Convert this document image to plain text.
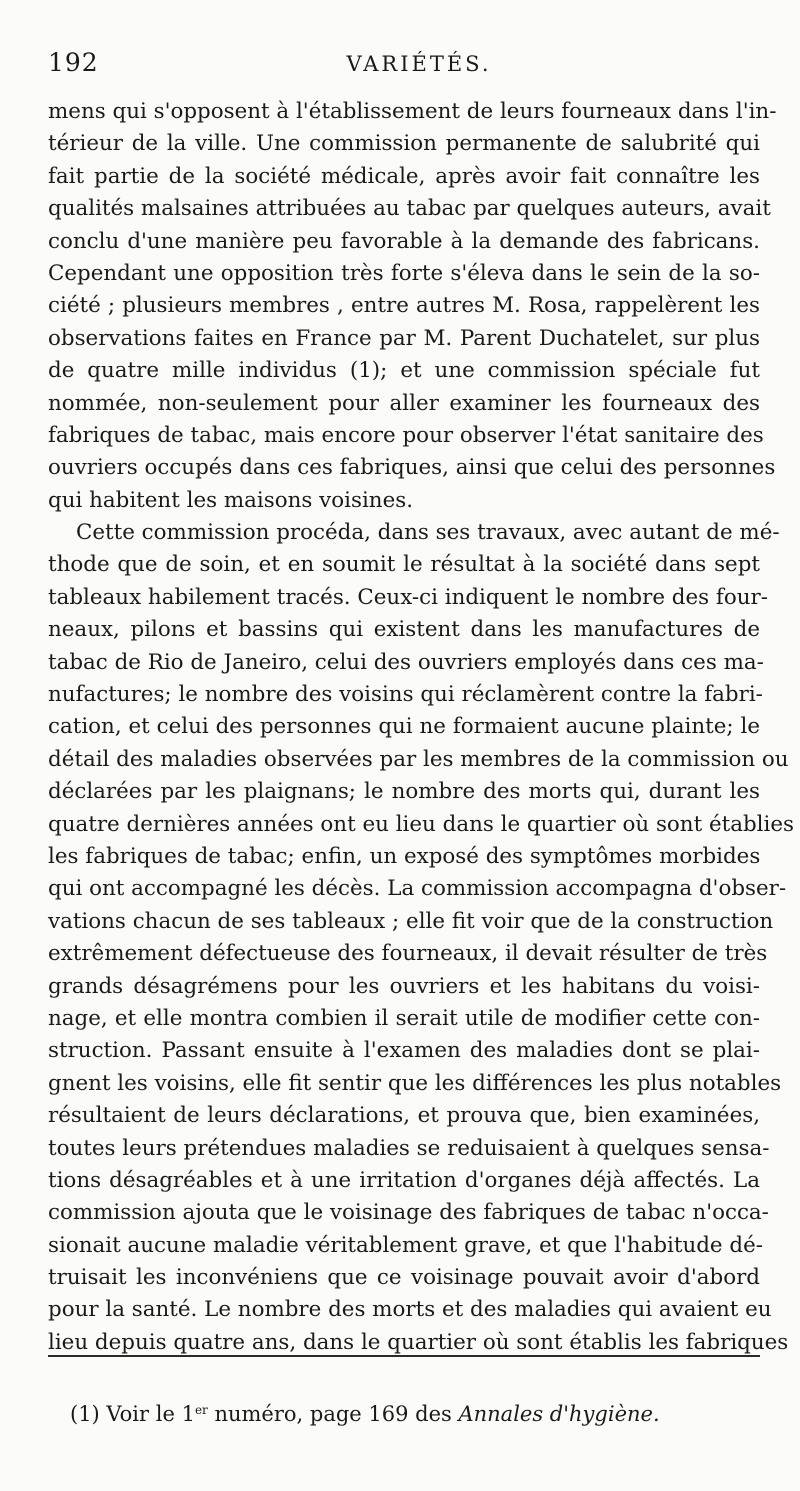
192	VARIÉTÉS.
mens qui s'opposent à l'établissement de leurs fourneaux dans l'in-
térieur de la ville. Une commission permanente de salubrité qui
fait partie de la société médicale, après avoir fait connaître les
qualités malsaines attribuées au tabac par quelques auteurs, avait
conclu d'une manière peu favorable à la demande des fabricans.
Cependant une opposition très forte s'éleva dans le sein de la so-
ciété ; plusieurs membres , entre autres M. Rosa, rappelèrent les
observations faites en France par M. Parent Duchatelet, sur plus
de quatre mille individus (1); et une commission spéciale fut
nommée, non-seulement pour aller examiner les fourneaux des
fabriques de tabac, mais encore pour observer l'état sanitaire des
ouvriers occupés dans ces fabriques, ainsi que celui des personnes
qui habitent les maisons voisines.
Cette commission procéda, dans ses travaux, avec autant de mé-
thode que de soin, et en soumit le résultat à la société dans sept
tableaux habilement tracés. Ceux-ci indiquent le nombre des four-
neaux, pilons et bassins qui existent dans les manufactures de
tabac de Rio de Janeiro, celui des ouvriers employés dans ces ma-
nufactures; le nombre des voisins qui réclamèrent contre la fabri-
cation, et celui des personnes qui ne formaient aucune plainte; le
détail des maladies observées par les membres de la commission ou
déclarées par les plaignans; le nombre des morts qui, durant les
quatre dernières années ont eu lieu dans le quartier où sont établies
les fabriques de tabac; enfin, un exposé des symptômes morbides
qui ont accompagné les décès. La commission accompagna d'obser-
vations chacun de ses tableaux ; elle fit voir que de la construction
extrêmement défectueuse des fourneaux, il devait résulter de très
grands désagrémens pour les ouvriers et les habitans du voisi-
nage, et elle montra combien il serait utile de modifier cette con-
struction. Passant ensuite à l'examen des maladies dont se plai-
gnent les voisins, elle fit sentir que les différences les plus notables
résultaient de leurs déclarations, et prouva que, bien examinées,
toutes leurs prétendues maladies se reduisaient à quelques sensa-
tions désagréables et à une irritation d'organes déjà affectés. La
commission ajouta que le voisinage des fabriques de tabac n'occa-
sionait aucune maladie véritablement grave, et que l'habitude dé-
truisait les inconvéniens que ce voisinage pouvait avoir d'abord
pour la santé. Le nombre des morts et des maladies qui avaient eu
lieu depuis quatre ans, dans le quartier où sont établis les fabriques
(1) Voir le 1er numéro, page 169 des Annales d'hygiène.
